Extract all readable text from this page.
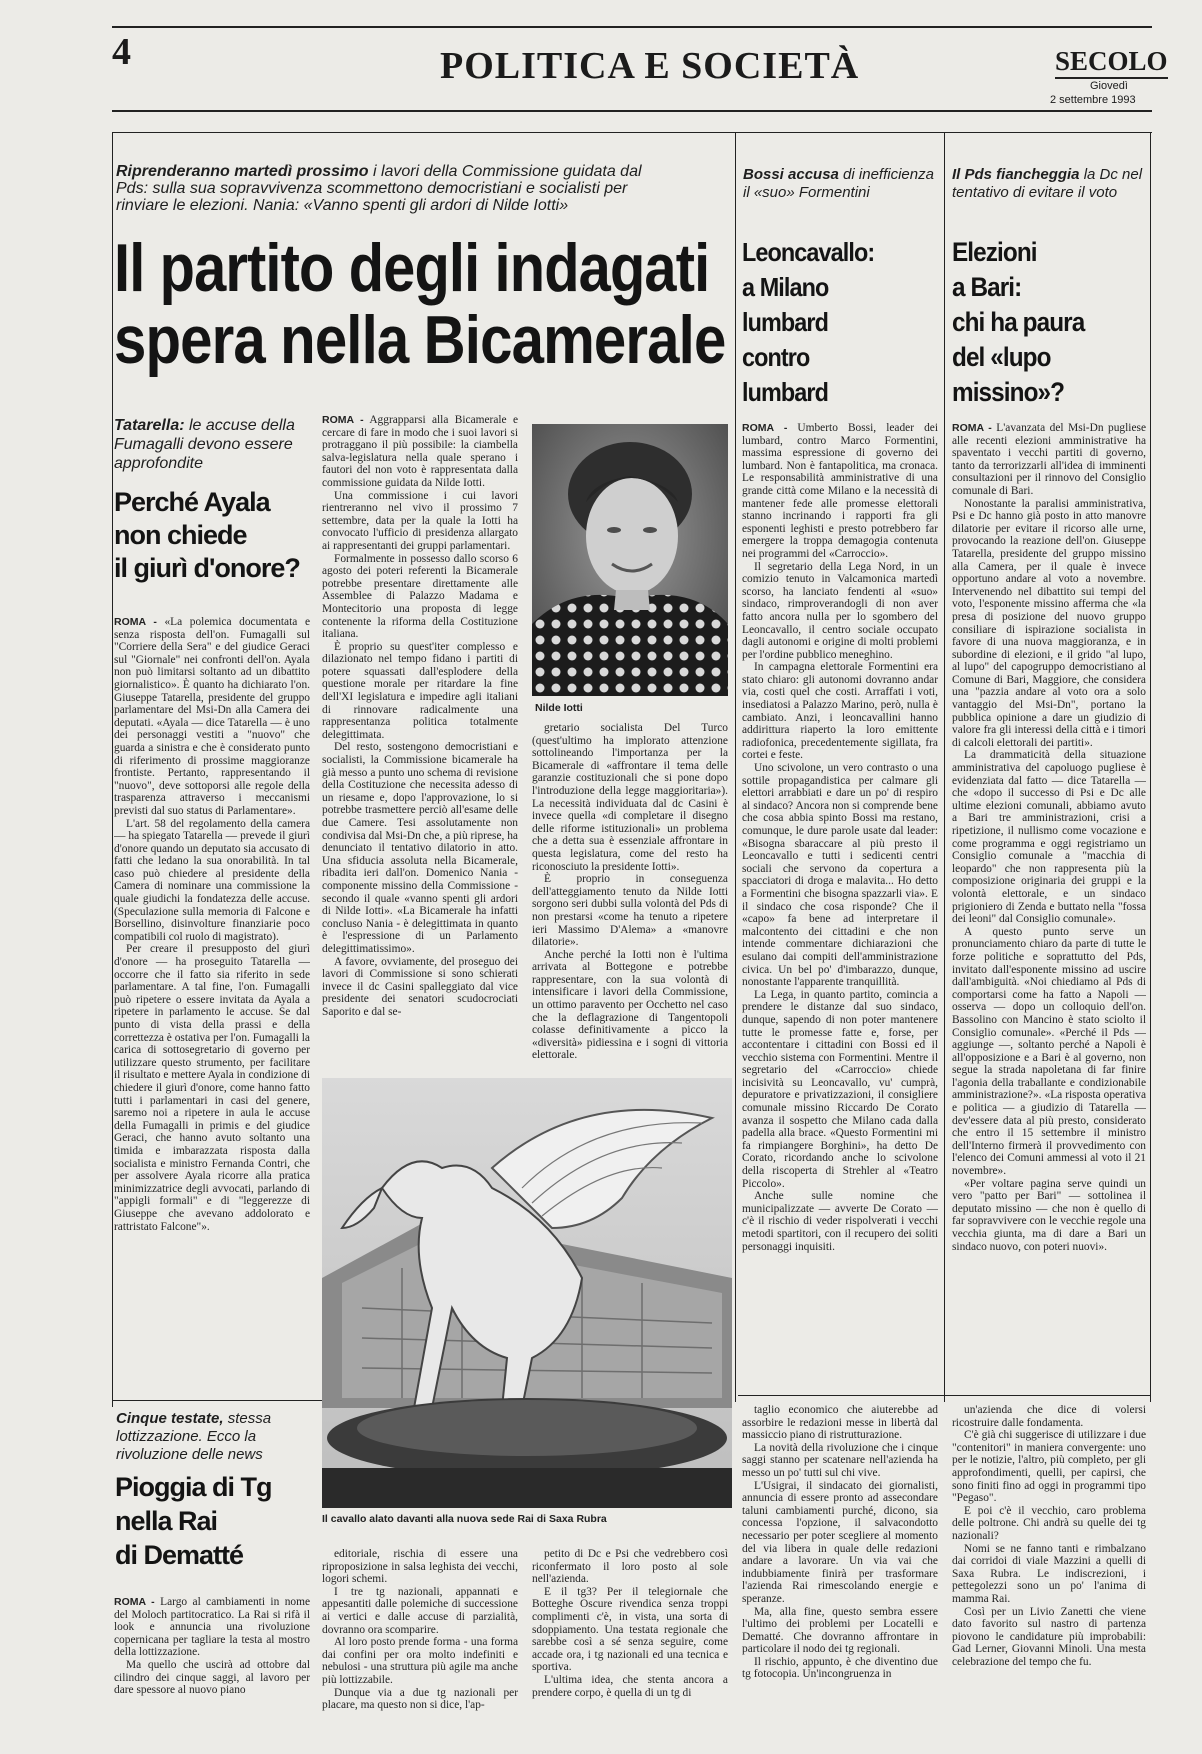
4	POLITICA E SOCIETÀ	SECOLO
Giovedì
2 settembre 1993
Riprenderanno martedì prossimo i lavori della Commissione guidata dal Pds: sulla sua sopravvivenza scommettono democristiani e socialisti per rinviare le elezioni. Nania: «Vanno spenti gli ardori di Nilde Iotti»
Il partito degli indagati
spera nella Bicamerale

ROMA - Aggrapparsi alla Bicamerale e cercare di fare in modo che i suoi lavori si protraggano il più possibile: la ciambella salva-legislatura nella quale sperano i fautori del non voto è rappresentata dalla commissione guidata da Nilde Iotti.

Una commissione i cui lavori rientreranno nel vivo il prossimo 7 settembre, data per la quale la Iotti ha convocato l'ufficio di presidenza allargato ai rappresentanti dei gruppi parlamentari.

Formalmente in possesso dallo scorso 6 agosto dei poteri referenti la Bicamerale potrebbe presentare direttamente alle Assemblee di Palazzo Madama e Montecitorio una proposta di legge contenente la riforma della Costituzione italiana.

È proprio su quest'iter complesso e dilazionato nel tempo fidano i partiti di potere squassati dall'esplodere della questione morale per ritardare la fine dell'XI legislatura e impedire agli italiani di rinnovare radicalmente una rappresentanza politica totalmente delegittimata.

Del resto, sostengono democristiani e socialisti, la Commissione bicamerale ha già messo a punto uno schema di revisione della Costituzione che necessita adesso di un riesame e, dopo l'approvazione, lo si potrebbe trasmettere perciò all'esame delle due Camere. Tesi assolutamente non condivisa dal Msi-Dn che, a più riprese, ha denunciato il tentativo dilatorio in atto. Una sfiducia assoluta nella Bicamerale, ribadita ieri dall'on. Domenico Nania - componente missino della Commissione - secondo il quale «vanno spenti gli ardori di Nilde Iotti». «La Bicamerale ha infatti concluso Nania - è delegittimata in quanto è l'espressione di un Parlamento delegittimatissimo».

A favore, ovviamente, del proseguo dei lavori di Commissione si sono schierati invece il dc Casini spalleggiato dal vice presidente dei senatori scudocrociati Saporito e dal se-

Nilde Iotti

gretario socialista Del Turco (quest'ultimo ha implorato attenzione sottolineando l'importanza per la Bicamerale di «affrontare il tema delle garanzie costituzionali che si pone dopo l'introduzione della legge maggioritaria»). La necessità individuata dal dc Casini è invece quella «di completare il disegno delle riforme istituzionali» un problema che a detta sua è essenziale affrontare in questa legislatura, come del resto ha riconosciuto la presidente Iotti».

È proprio in conseguenza dell'atteggiamento tenuto da Nilde Iotti sorgono seri dubbi sulla volontà del Pds di non prestarsi «come ha tenuto a ripetere ieri Massimo D'Alema» a «manovre dilatorie».

Anche perché la Iotti non è l'ultima arrivata al Bottegone e potrebbe rappresentare, con la sua volontà di intensificare i lavori della Commissione, un ottimo paravento per Occhetto nel caso che la deflagrazione di Tangentopoli colasse definitivamente a picco la «diversità» pidiessina e i sogni di vittoria elettorale.

Tatarella: le accuse della Fumagalli devono essere approfondite
Perché Ayala
non chiede
il giurì d'onore?

ROMA - «La polemica documentata e senza risposta dell'on. Fumagalli sul "Corriere della Sera" e del giudice Geraci sul "Giornale" nei confronti dell'on. Ayala non può limitarsi soltanto ad un dibattito giornalistico». È quanto ha dichiarato l'on. Giuseppe Tatarella, presidente del gruppo parlamentare del Msi-Dn alla Camera dei deputati. «Ayala — dice Tatarella — è uno dei personaggi vestiti a "nuovo" che guarda a sinistra e che è considerato punto di riferimento di prossime maggioranze frontiste. Pertanto, rappresentando il "nuovo", deve sottoporsi alle regole della trasparenza attraverso i meccanismi previsti dal suo status di Parlamentare».

L'art. 58 del regolamento della camera — ha spiegato Tatarella — prevede il giurì d'onore quando un deputato sia accusato di fatti che ledano la sua onorabilità. In tal caso può chiedere al presidente della Camera di nominare una commissione la quale giudichi la fondatezza delle accuse. (Speculazione sulla memoria di Falcone e Borsellino, disinvolture finanziarie poco compatibili col ruolo di magistrato).

Per creare il presupposto del giurì d'onore — ha proseguito Tatarella — occorre che il fatto sia riferito in sede parlamentare. A tal fine, l'on. Fumagalli può ripetere o essere invitata da Ayala a ripetere in parlamento le accuse. Se dal punto di vista della prassi e della correttezza è ostativa per l'on. Fumagalli la carica di sottosegretario di governo per utilizzare questo strumento, per facilitare il risultato e mettere Ayala in condizione di chiedere il giurì d'onore, come hanno fatto tutti i parlamentari in casi del genere, saremo noi a ripetere in aula le accuse della Fumagalli in primis e del giudice Geraci, che hanno avuto soltanto una timida e imbarazzata risposta dalla socialista e ministro Fernanda Contri, che per assolvere Ayala ricorre alla pratica minimizzatrice degli avvocati, parlando di "appigli formali" e di "leggerezze di Giuseppe che avevano addolorato e rattristato Falcone"».

Bossi accusa di inefficienza il «suo» Formentini
Leoncavallo:
a Milano
lumbard
contro
lumbard

ROMA - Umberto Bossi, leader dei lumbard, contro Marco Formentini, massima espressione di governo dei lumbard. Non è fantapolitica, ma cronaca. Le responsabilità amministrative di una grande città come Milano e la necessità di mantener fede alle promesse elettorali stanno incrinando i rapporti fra gli esponenti leghisti e presto potrebbero far emergere la troppa demagogia contenuta nei programmi del «Carroccio».

Il segretario della Lega Nord, in un comizio tenuto in Valcamonica martedì scorso, ha lanciato fendenti al «suo» sindaco, rimproverandogli di non aver fatto ancora nulla per lo sgombero del Leoncavallo, il centro sociale occupato dagli autonomi e origine di molti problemi per l'ordine pubblico meneghino.

In campagna elettorale Formentini era stato chiaro: gli autonomi dovranno andar via, costi quel che costi. Arraffati i voti, insediatosi a Palazzo Marino, però, nulla è cambiato. Anzi, i leoncavallini hanno addirittura riaperto la loro emittente radiofonica, precedentemente sigillata, fra cortei e feste.

Uno scivolone, un vero contrasto o una sottile propagandistica per calmare gli elettori arrabbiati e dare un po' di respiro al sindaco? Ancora non si comprende bene che cosa abbia spinto Bossi ma restano, comunque, le dure parole usate dal leader: «Bisogna sbaraccare al più presto il Leoncavallo e tutti i sedicenti centri sociali che servono da copertura a spacciatori di droga e malavita... Ho detto a Formentini che bisogna spazzarli via». E il sindaco che cosa risponde? Che il «capo» fa bene ad interpretare il malcontento dei cittadini e che non intende commentare dichiarazioni che esulano dai compiti dell'amministrazione civica. Un bel po' d'imbarazzo, dunque, nonostante l'apparente tranquillità.

La Lega, in quanto partito, comincia a prendere le distanze dal suo sindaco, dunque, sapendo di non poter mantenere tutte le promesse fatte e, forse, per accontentare i cittadini con Bossi ed il vecchio sistema con Formentini. Mentre il segretario del «Carroccio» chiede incisività su Leoncavallo, vu' cumprà, depuratore e privatizzazioni, il consigliere comunale missino Riccardo De Corato avanza il sospetto che Milano cada dalla padella alla brace. «Questo Formentini mi fa rimpiangere Borghini», ha detto De Corato, ricordando anche lo scivolone della riscoperta di Strehler al «Teatro Piccolo».

Anche sulle nomine che municipalizzate — avverte De Corato — c'è il rischio di veder rispolverati i vecchi metodi spartitori, con il recupero dei soliti personaggi inquisiti.

Il Pds fiancheggia la Dc nel tentativo di evitare il voto
Elezioni
a Bari:
chi ha paura
del «lupo
missino»?

ROMA - L'avanzata del Msi-Dn pugliese alle recenti elezioni amministrative ha spaventato i vecchi partiti di governo, tanto da terrorizzarli all'idea di imminenti consultazioni per il rinnovo del Consiglio comunale di Bari.

Nonostante la paralisi amministrativa, Psi e Dc hanno già posto in atto manovre dilatorie per evitare il ricorso alle urne, provocando la reazione dell'on. Giuseppe Tatarella, presidente del gruppo missino alla Camera, per il quale è invece opportuno andare al voto a novembre. Intervenendo nel dibattito sui tempi del voto, l'esponente missino afferma che «la presa di posizione del nuovo gruppo consiliare di ispirazione socialista in favore di una nuova maggioranza, e in subordine di elezioni, e il grido "al lupo, al lupo" del capogruppo democristiano al Comune di Bari, Maggiore, che considera una "pazzia andare al voto ora a solo vantaggio del Msi-Dn", portano la pubblica opinione a dare un giudizio di valore fra gli interessi della città e i timori di calcoli elettorali dei partiti».

La drammaticità della situazione amministrativa del capoluogo pugliese è evidenziata dal fatto — dice Tatarella — che «dopo il successo di Psi e Dc alle ultime elezioni comunali, abbiamo avuto a Bari tre amministrazioni, crisi a ripetizione, il nullismo come vocazione e come programma e oggi registriamo un Consiglio comunale a "macchia di leopardo" che non rappresenta più la composizione originaria dei gruppi e la volontà elettorale, e un sindaco prigioniero di Zenda e buttato nella "fossa dei leoni" dal Consiglio comunale».

A questo punto serve un pronunciamento chiaro da parte di tutte le forze politiche e soprattutto del Pds, invitato dall'esponente missino ad uscire dall'ambiguità. «Noi chiediamo al Pds di comportarsi come ha fatto a Napoli — osserva — dopo un colloquio dell'on. Bassolino con Mancino è stato sciolto il Consiglio comunale». «Perché il Pds — aggiunge —, soltanto perché a Napoli è all'opposizione e a Bari è al governo, non segue la strada napoletana di far finire l'agonia della traballante e condizionabile amministrazione?». «La risposta operativa e politica — a giudizio di Tatarella — dev'essere data al più presto, considerato che entro il 15 settembre il ministro dell'Interno firmerà il provvedimento con l'elenco dei Comuni ammessi al voto il 21 novembre».

«Per voltare pagina serve quindi un vero "patto per Bari" — sottolinea il deputato missino — che non è quello di far sopravvivere con le vecchie regole una vecchia giunta, ma di dare a Bari un sindaco nuovo, con poteri nuovi».

Cinque testate, stessa lottizzazione. Ecco la rivoluzione delle news
Pioggia di Tg
nella Rai
di Dematté

ROMA - Largo al cambiamenti in nome del Moloch partitocratico. La Rai si rifà il look e annuncia una rivoluzione copernicana per tagliare la testa al mostro della lottizzazione.

Ma quello che uscirà ad ottobre dal cilindro dei cinque saggi, al lavoro per dare spessore al nuovo piano

Il cavallo alato davanti alla nuova sede Rai di Saxa Rubra

editoriale, rischia di essere una riproposizione in salsa leghista dei vecchi, logori schemi.

I tre tg nazionali, appannati e appesantiti dalle polemiche di successione ai vertici e dalle accuse di parzialità, dovranno ora scomparire.

Al loro posto prende forma - una forma dai confini per ora molto indefiniti e nebulosi - una struttura più agile ma anche più lottizzabile.

Dunque via a due tg nazionali per placare, ma questo non si dice, l'ap-

petito di Dc e Psi che vedrebbero così riconfermato il loro posto al sole nell'azienda.

E il tg3? Per il telegiornale che Botteghe Oscure rivendica senza troppi complimenti c'è, in vista, una sorta di sdoppiamento. Una testata regionale che sarebbe così a sé senza seguire, come accade ora, i tg nazionali ed una tecnica e sportiva.

L'ultima idea, che stenta ancora a prendere corpo, è quella di un tg di

taglio economico che aiuterebbe ad assorbire le redazioni messe in libertà dal massiccio piano di ristrutturazione.

La novità della rivoluzione che i cinque saggi stanno per scatenare nell'azienda ha messo un po' tutti sul chi vive.

L'Usigrai, il sindacato dei giornalisti, annuncia di essere pronto ad assecondare taluni cambiamenti purché, dicono, sia concessa l'opzione, il salvacondotto necessario per poter scegliere al momento del via libera in quale delle redazioni andare a lavorare. Un via vai che indubbiamente finirà per trasformare l'azienda Rai rimescolando energie e speranze.

Ma, alla fine, questo sembra essere l'ultimo dei problemi per Locatelli e Dematté. Che dovranno affrontare in particolare il nodo dei tg regionali.

Il rischio, appunto, è che diventino due tg fotocopia. Un'incongruenza in

un'azienda che dice di volersi ricostruire dalle fondamenta.

C'è già chi suggerisce di utilizzare i due "contenitori" in maniera convergente: uno per le notizie, l'altro, più completo, per gli approfondimenti, quelli, per capirsi, che sono finiti fino ad oggi in programmi tipo "Pegaso".

E poi c'è il vecchio, caro problema delle poltrone. Chi andrà su quelle dei tg nazionali?

Nomi se ne fanno tanti e rimbalzano dai corridoi di viale Mazzini a quelli di Saxa Rubra. Le indiscrezioni, i pettegolezzi sono un po' l'anima di mamma Rai.

Così per un Livio Zanetti che viene dato favorito sul nastro di partenza piovono le candidature più improbabili: Gad Lerner, Giovanni Minoli. Una mesta celebrazione del tempo che fu.
